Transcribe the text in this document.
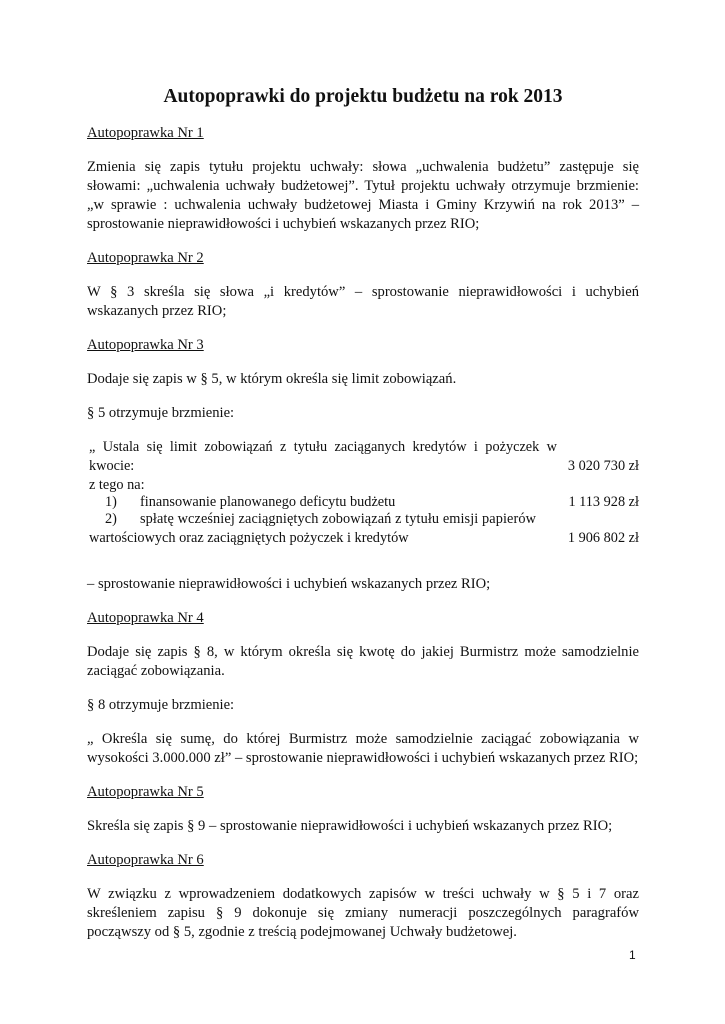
Autopoprawki do projektu budżetu na rok 2013

Autopoprawka Nr 1

Zmienia się zapis tytułu projektu uchwały: słowa „uchwalenia budżetu” zastępuje się słowami: „uchwalenia uchwały budżetowej”. Tytuł projektu uchwały otrzymuje brzmienie: „w sprawie : uchwalenia uchwały budżetowej Miasta i Gminy Krzywiń na rok 2013” – sprostowanie nieprawidłowości i uchybień wskazanych przez RIO;

Autopoprawka Nr 2

W § 3 skreśla się słowa „i kredytów” – sprostowanie nieprawidłowości i uchybień wskazanych przez RIO;

Autopoprawka Nr 3

Dodaje się zapis w § 5, w którym określa się limit zobowiązań.

§ 5 otrzymuje brzmienie:

„ Ustala się limit zobowiązań z tytułu zaciąganych kredytów i pożyczek w kwocie:	3 020 730 zł
z tego na:
1) finansowanie planowanego deficytu budżetu	1 113 928 zł
2) spłatę wcześniej zaciągniętych zobowiązań z tytułu emisji papierów
wartościowych oraz zaciągniętych pożyczek i kredytów	1 906 802 zł

– sprostowanie nieprawidłowości i uchybień wskazanych przez RIO;

Autopoprawka Nr 4

Dodaje się zapis § 8, w którym określa się kwotę do jakiej Burmistrz może samodzielnie zaciągać zobowiązania.

§ 8 otrzymuje brzmienie:

„ Określa się sumę, do której Burmistrz może samodzielnie zaciągać zobowiązania w wysokości 3.000.000 zł” – sprostowanie nieprawidłowości i uchybień wskazanych przez RIO;

Autopoprawka Nr 5

Skreśla się zapis § 9 – sprostowanie nieprawidłowości i uchybień wskazanych przez RIO;

Autopoprawka Nr 6

W związku z wprowadzeniem dodatkowych zapisów w treści uchwały w § 5 i 7 oraz skreśleniem zapisu § 9 dokonuje się zmiany numeracji poszczególnych paragrafów począwszy od § 5, zgodnie z treścią podejmowanej Uchwały budżetowej.

1
